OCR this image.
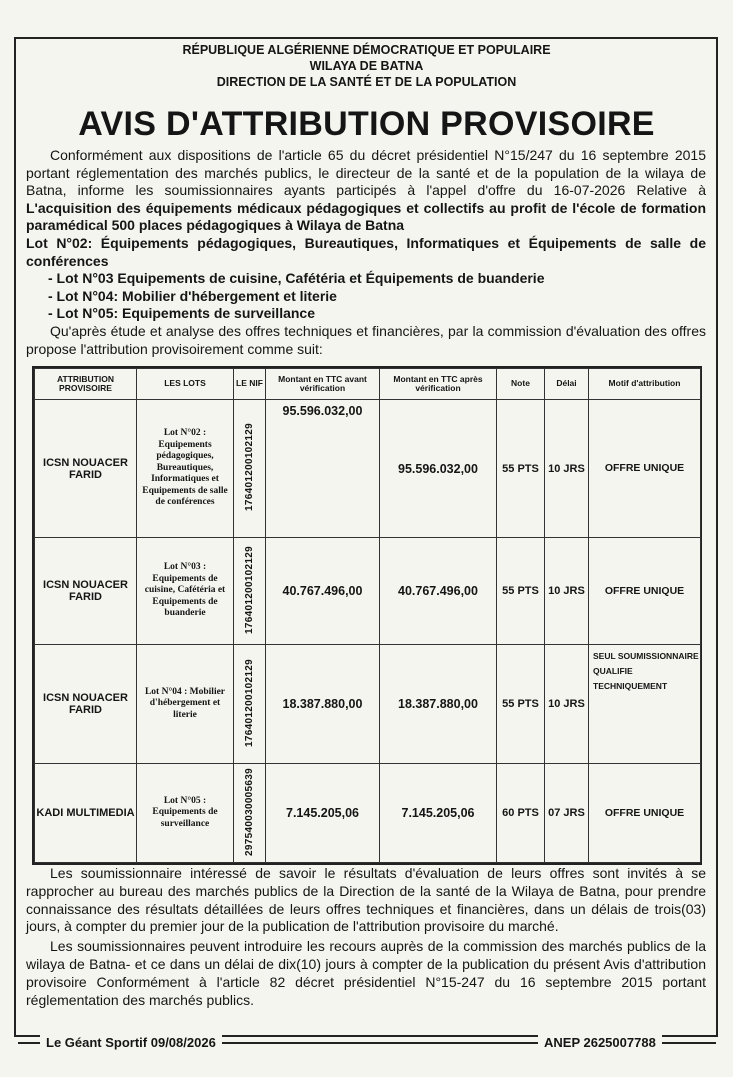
RÉPUBLIQUE ALGÉRIENNE DÉMOCRATIQUE ET POPULAIRE
WILAYA DE BATNA
DIRECTION DE LA SANTÉ ET DE LA POPULATION
AVIS D'ATTRIBUTION PROVISOIRE

Conformément aux dispositions de l'article 65 du décret présidentiel N°15/247 du 16 septembre 2015 portant réglementation des marchés publics, le directeur de la santé et de la population de la wilaya de Batna, informe les soumissionnaires ayants participés à l'appel d'offre du 16-07-2026 Relative à L'acquisition des équipements médicaux pédagogiques et collectifs au profit de l'école de formation paramédical 500 places pédagogiques à Wilaya de Batna

Lot N°02: Équipements pédagogiques, Bureautiques, Informatiques et Équipements de salle de conférences

- Lot N°03 Equipements de cuisine, Cafétéria et Équipements de buanderie

- Lot N°04: Mobilier d'hébergement et literie

- Lot N°05: Equipements de surveillance

Qu'après étude et analyse des offres techniques et financières, par la commission d'évaluation des offres propose l'attribution provisoirement comme suit:

ATTRIBUTION PROVISOIRE	LES LOTS	LE NIF	Montant en TTC avant vérification	Montant en TTC après vérification	Note	Délai	Motif d'attribution
ICSN NOUACER FARID	Lot N°02 : Equipements pédagogiques, Bureautiques, Informatiques et Equipements de salle de conférences	176401200102129	95.596.032,00	95.596.032,00	55 PTS	10 JRS	OFFRE UNIQUE
ICSN NOUACER FARID	Lot N°03 : Equipements de cuisine, Cafétéria et Equipements de buanderie	176401200102129	40.767.496,00	40.767.496,00	55 PTS	10 JRS	OFFRE UNIQUE
ICSN NOUACER FARID	Lot N°04 : Mobilier d'hébergement et literie	176401200102129	18.387.880,00	18.387.880,00	55 PTS	10 JRS	SEUL SOUMISSIONNAIRE QUALIFIE TECHNIQUEMENT
KADI MULTIMEDIA	Lot N°05 : Equipements de surveillance	297540030005639	7.145.205,06	7.145.205,06	60 PTS	07 JRS	OFFRE UNIQUE

Les soumissionnaire intéressé de savoir le résultats d'évaluation de leurs offres sont invités à se rapprocher au bureau des marchés publics de la Direction de la santé de la Wilaya de Batna, pour prendre connaissance des résultats détaillées de leurs offres techniques et financières, dans un délais de trois(03) jours, à compter du premier jour de la publication de l'attribution provisoire du marché.

Les soumissionnaires peuvent introduire les recours auprès de la commission des marchés publics de la wilaya de Batna- et ce dans un délai de dix(10) jours à compter de la publication du présent Avis d'attribution provisoire Conformément à l'article 82 décret présidentiel N°15-247 du 16 septembre 2015 portant réglementation des marchés publics.

Le Géant Sportif 09/08/2026	ANEP 2625007788
